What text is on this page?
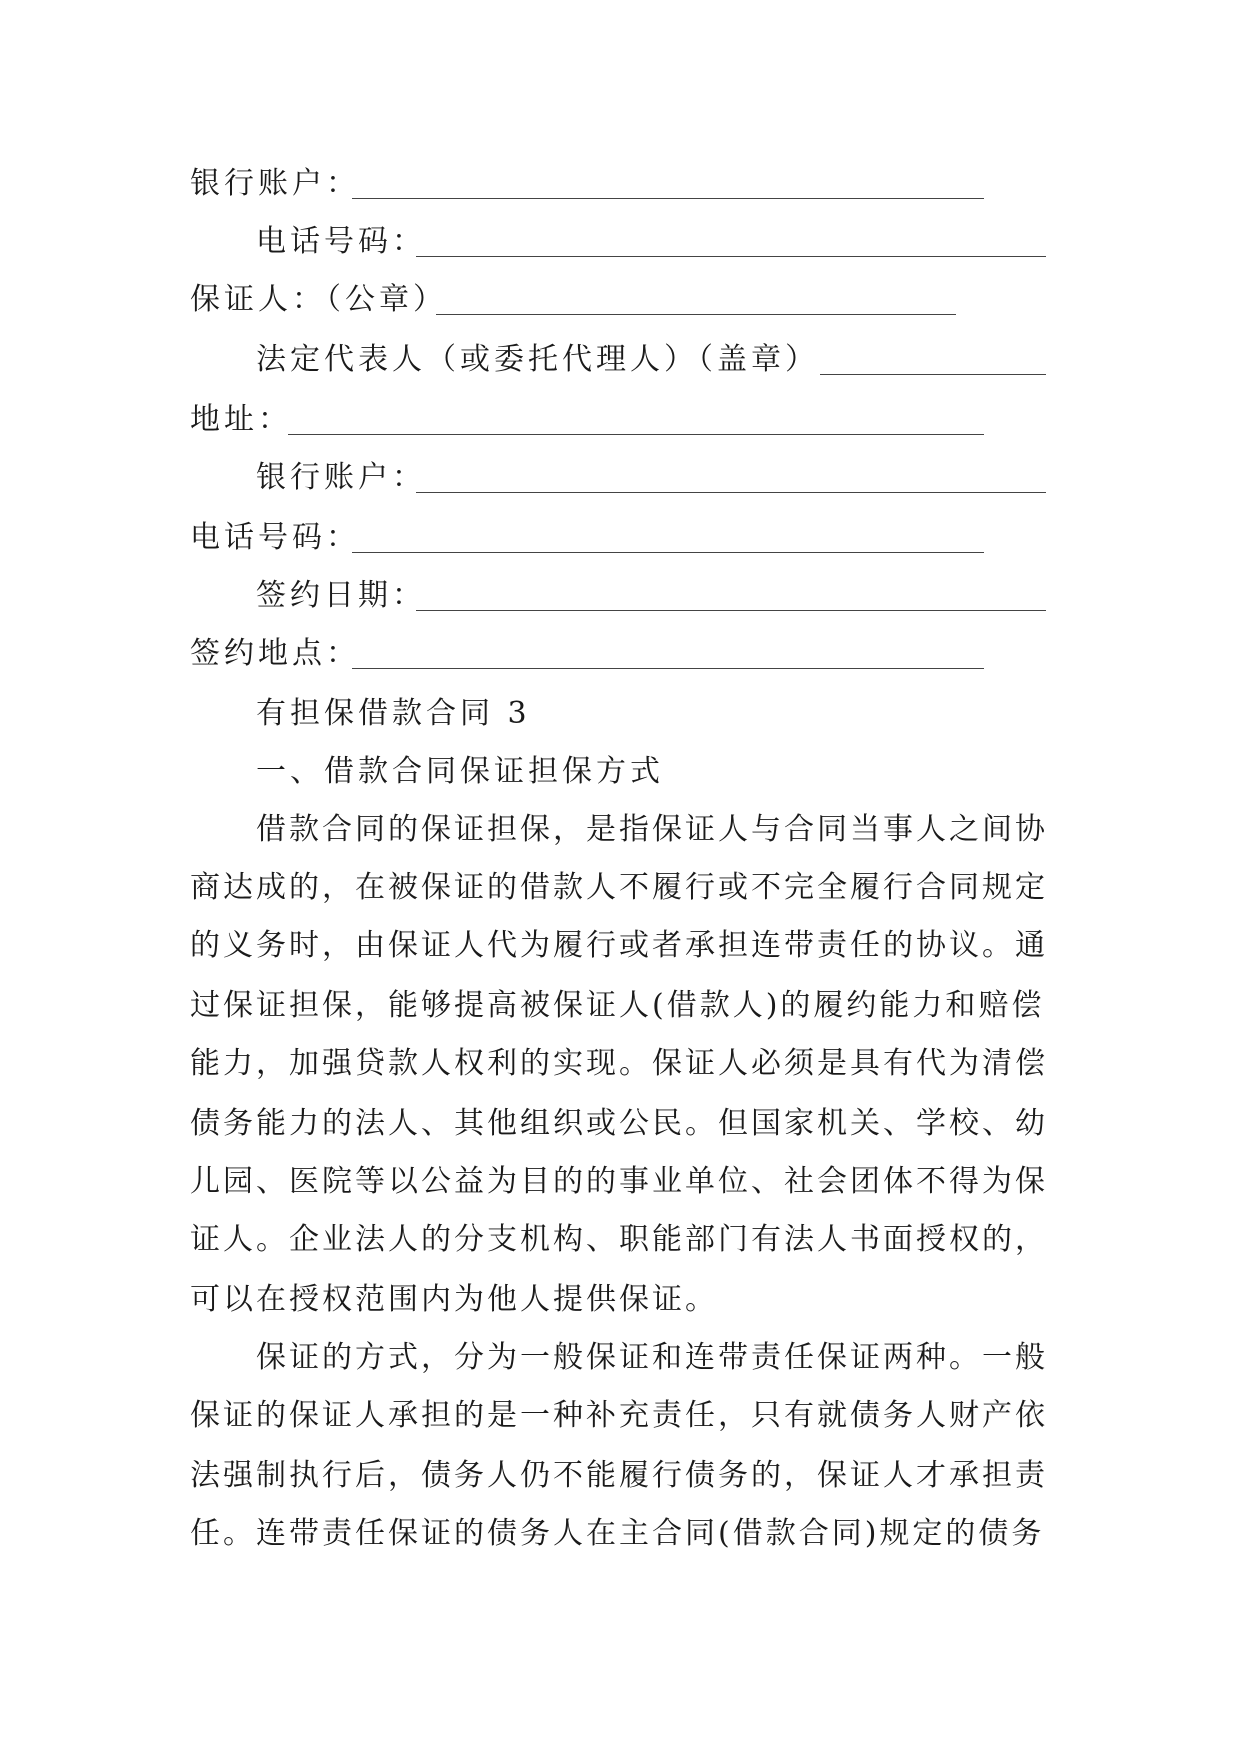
银行账户：
电话号码：
保证人：（公章）
法定代表人（或委托代理人）（盖章）
地址：
银行账户：
电话号码：
签约日期：
签约地点：
有担保借款合同 3
一、借款合同保证担保方式
借款合同的保证担保，是指保证人与合同当事人之间协
商达成的，在被保证的借款人不履行或不完全履行合同规定
的义务时，由保证人代为履行或者承担连带责任的协议。通
过保证担保，能够提高被保证人(借款人)的履约能力和赔偿
能力，加强贷款人权利的实现。保证人必须是具有代为清偿
债务能力的法人、其他组织或公民。但国家机关、学校、幼
儿园、医院等以公益为目的的事业单位、社会团体不得为保
证人。企业法人的分支机构、职能部门有法人书面授权的，
可以在授权范围内为他人提供保证。
保证的方式，分为一般保证和连带责任保证两种。一般
保证的保证人承担的是一种补充责任，只有就债务人财产依
法强制执行后，债务人仍不能履行债务的，保证人才承担责
任。连带责任保证的债务人在主合同(借款合同)规定的债务
